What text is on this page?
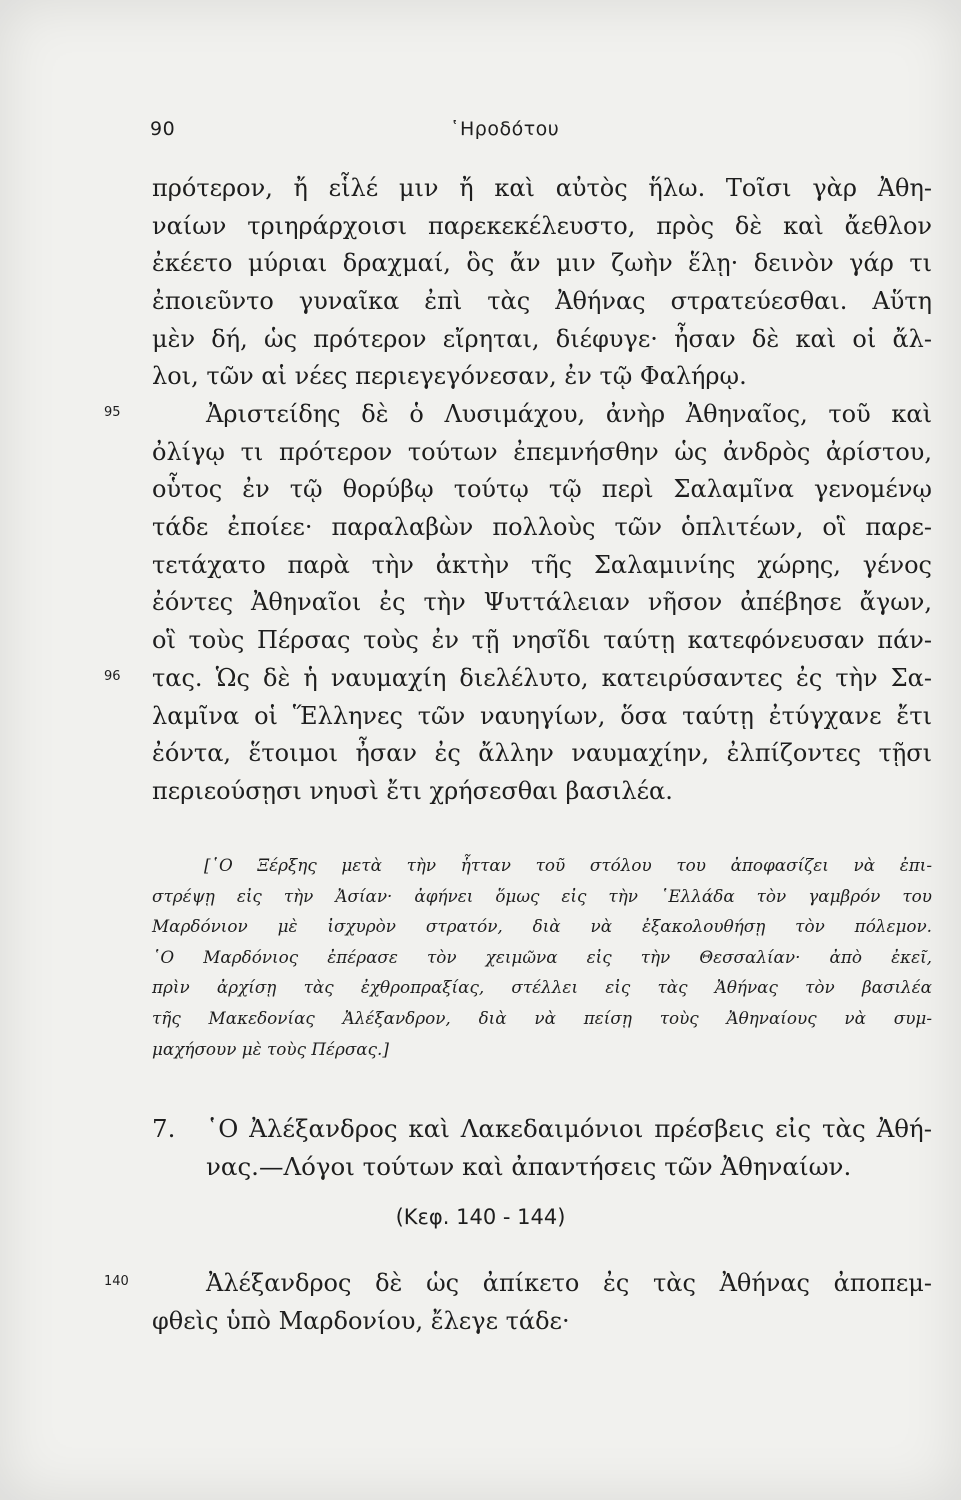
90	῾Ηροδότου
πρότερον, ἤ εἷλέ μιν ἤ καὶ αὐτὸς ἥλω. Τοῖσι γὰρ Ἀθη-
ναίων τριηράρχοισι παρεκεκέλευστο, πρὸς δὲ καὶ ἄεθλον
ἐκέετο μύριαι δραχμαί, ὃς ἄν μιν ζωὴν ἕλῃ· δεινὸν γάρ τι
ἐποιεῦντο γυναῖκα ἐπὶ τὰς Ἀθήνας στρατεύεσθαι. Αὕτη
μὲν δή, ὡς πρότερον εἴρηται, διέφυγε· ἦσαν δὲ καὶ οἱ ἄλ-
λοι, τῶν αἱ νέες περιεγεγόνεσαν, ἐν τῷ Φαλήρῳ.
95	Ἀριστείδης δὲ ὁ Λυσιμάχου, ἀνὴρ Ἀθηναῖος, τοῦ καὶ
ὀλίγῳ τι πρότερον τούτων ἐπεμνήσθην ὡς ἀνδρὸς ἀρίστου,
οὗτος ἐν τῷ θορύβῳ τούτῳ τῷ περὶ Σαλαμῖνα γενομένῳ
τάδε ἐποίεε· παραλαβὼν πολλοὺς τῶν ὁπλιτέων, οἳ παρε-
τετάχατο παρὰ τὴν ἀκτὴν τῆς Σαλαμινίης χώρης, γένος
ἐόντες Ἀθηναῖοι ἐς τὴν Ψυττάλειαν νῆσον ἀπέβησε ἄγων,
οἳ τοὺς Πέρσας τοὺς ἐν τῇ νησῖδι ταύτῃ κατεφόνευσαν πάν-
96 τας. Ὡς δὲ ἡ ναυμαχίη διελέλυτο, κατειρύσαντες ἐς τὴν Σα-
λαμῖνα οἱ Ἕλληνες τῶν ναυηγίων, ὅσα ταύτῃ ἐτύγχανε ἔτι
ἐόντα, ἕτοιμοι ἦσαν ἐς ἄλλην ναυμαχίην, ἐλπίζοντες τῇσι
περιεούσῃσι νηυσὶ ἔτι χρήσεσθαι βασιλέα.
[῾Ο Ξέρξης μετὰ τὴν ἧτταν τοῦ στόλου του ἀποφασίζει νὰ ἐπι-
στρέψῃ εἰς τὴν Ἀσίαν· ἀφήνει ὅμως εἰς τὴν ῾Ελλάδα τὸν γαμβρόν του
Μαρδόνιον μὲ ἰσχυρὸν στρατόν, διὰ νὰ ἐξακολουθήσῃ τὸν πόλεμον.
῾Ο Μαρδόνιος ἐπέρασε τὸν χειμῶνα εἰς τὴν Θεσσαλίαν· ἀπὸ ἐκεῖ,
πρὶν ἀρχίσῃ τὰς ἐχθροπραξίας, στέλλει εἰς τὰς Ἀθήνας τὸν βασιλέα
τῆς Μακεδονίας Ἀλέξανδρον, διὰ νὰ πείσῃ τοὺς Ἀθηναίους νὰ συμ-
μαχήσουν μὲ τοὺς Πέρσας.]
7. ῾Ο Ἀλέξανδρος καὶ Λακεδαιμόνιοι πρέσβεις εἰς τὰς Ἀθή-
νας.—Λόγοι τούτων καὶ ἀπαντήσεις τῶν Ἀθηναίων.
(Κεφ. 140 - 144)
140	Ἀλέξανδρος δὲ ὡς ἀπίκετο ἐς τὰς Ἀθήνας ἀποπεμ-
φθεὶς ὑπὸ Μαρδονίου, ἔλεγε τάδε·
